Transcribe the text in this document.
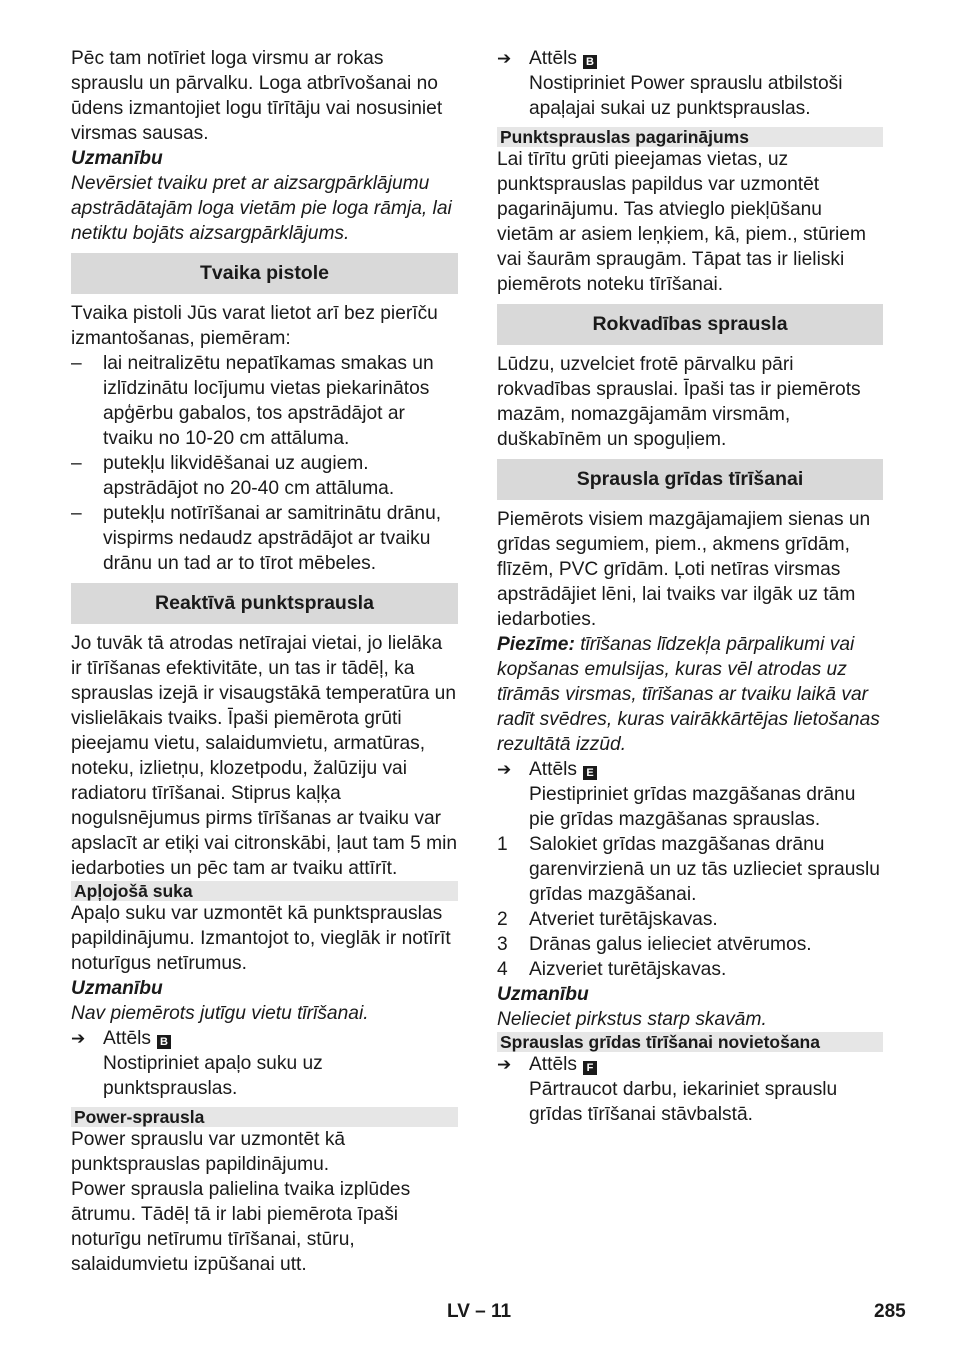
Pēc tam notīriet loga virsmu ar rokas sprauslu un pārvalku. Loga atbrīvošanai no ūdens izmantojiet logu tīrītāju vai nosusiniet virsmas sausas.

Uzmanību

Nevērsiet tvaiku pret ar aizsargpārklājumu apstrādātajām loga vietām pie loga rāmja, lai netiktu bojāts aizsargpārklājums.

Tvaika pistole

Tvaika pistoli Jūs varat lietot arī bez pierīču izmantošanas, piemēram:

– lai neitralizētu nepatīkamas smakas un izlīdzinātu locījumu vietas piekarinātos apģērbu gabalos, tos apstrādājot ar tvaiku no 10-20 cm attāluma.

– putekļu likvidēšanai uz augiem. apstrādājot no 20-40 cm attāluma.

– putekļu notīrīšanai ar samitrinātu drānu, vispirms nedaudz apstrādājot ar tvaiku drānu un tad ar to tīrot mēbeles.

Reaktīvā punktsprausla

Jo tuvāk tā atrodas netīrajai vietai, jo lielāka ir tīrīšanas efektivitāte, un tas ir tādēļ, ka sprauslas izejā ir visaugstākā temperatūra un vislielākais tvaiks. Īpaši piemērota grūti pieejamu vietu, salaidumvietu, armatūras, noteku, izlietņu, klozetpodu, žalūziju vai radiatoru tīrīšanai. Stiprus kaļķa nogulsnējumus pirms tīrīšanas ar tvaiku var apslacīt ar etiķi vai citronskābi, ļaut tam 5 min iedarboties un pēc tam ar tvaiku attīrīt.

Apļojošā suka

Apaļo suku var uzmontēt kā punktsprauslas papildinājumu. Izmantojot to, vieglāk ir notīrīt noturīgus netīrumus.

Uzmanību

Nav piemērots jutīgu vietu tīrīšanai.

➔ Attēls B

Nostipriniet apaļo suku uz punktsprauslas.

Power-sprausla

Power sprauslu var uzmontēt kā punktsprauslas papildinājumu.

Power sprausla palielina tvaika izplūdes ātrumu. Tādēļ tā ir labi piemērota īpaši noturīgu netīrumu tīrīšanai, stūru, salaidumvietu izpūšanai utt.

➔ Attēls B

Nostipriniet Power sprauslu atbilstoši apaļajai sukai uz punktsprauslas.

Punktsprauslas pagarinājums

Lai tīrītu grūti pieejamas vietas, uz punktsprauslas papildus var uzmontēt pagarinājumu. Tas atvieglo piekļūšanu vietām ar asiem leņķiem, kā, piem., stūriem vai šaurām spraugām. Tāpat tas ir lieliski piemērots noteku tīrīšanai.

Rokvadības sprausla

Lūdzu, uzvelciet frotē pārvalku pāri rokvadības sprauslai. Īpaši tas ir piemērots mazām, nomazgājamām virsmām, duškabīnēm un spoguļiem.

Sprausla grīdas tīrīšanai

Piemērots visiem mazgājamajiem sienas un grīdas segumiem, piem., akmens grīdām, flīzēm, PVC grīdām. Ļoti netīras virsmas apstrādājiet lēni, lai tvaiks var ilgāk uz tām iedarboties.

Piezīme: tīrīšanas līdzekļa pārpalikumi vai kopšanas emulsijas, kuras vēl atrodas uz tīrāmās virsmas, tīrīšanas ar tvaiku laikā var radīt svēdres, kuras vairākkārtējas lietošanas rezultātā izzūd.

➔ Attēls E

Piestipriniet grīdas mazgāšanas drānu pie grīdas mazgāšanas sprauslas.

1 Salokiet grīdas mazgāšanas drānu garenvirzienā un uz tās uzlieciet sprauslu grīdas mazgāšanai.

2 Atveriet turētājskavas.

3 Drānas galus ielieciet atvērumos.

4 Aizveriet turētājskavas.

Uzmanību

Nelieciet pirkstus starp skavām.

Sprauslas grīdas tīrīšanai novietošana
➔ Attēls F

Pārtraucot darbu, iekariniet sprauslu grīdas tīrīšanai stāvbalstā.

LV – 11	285
